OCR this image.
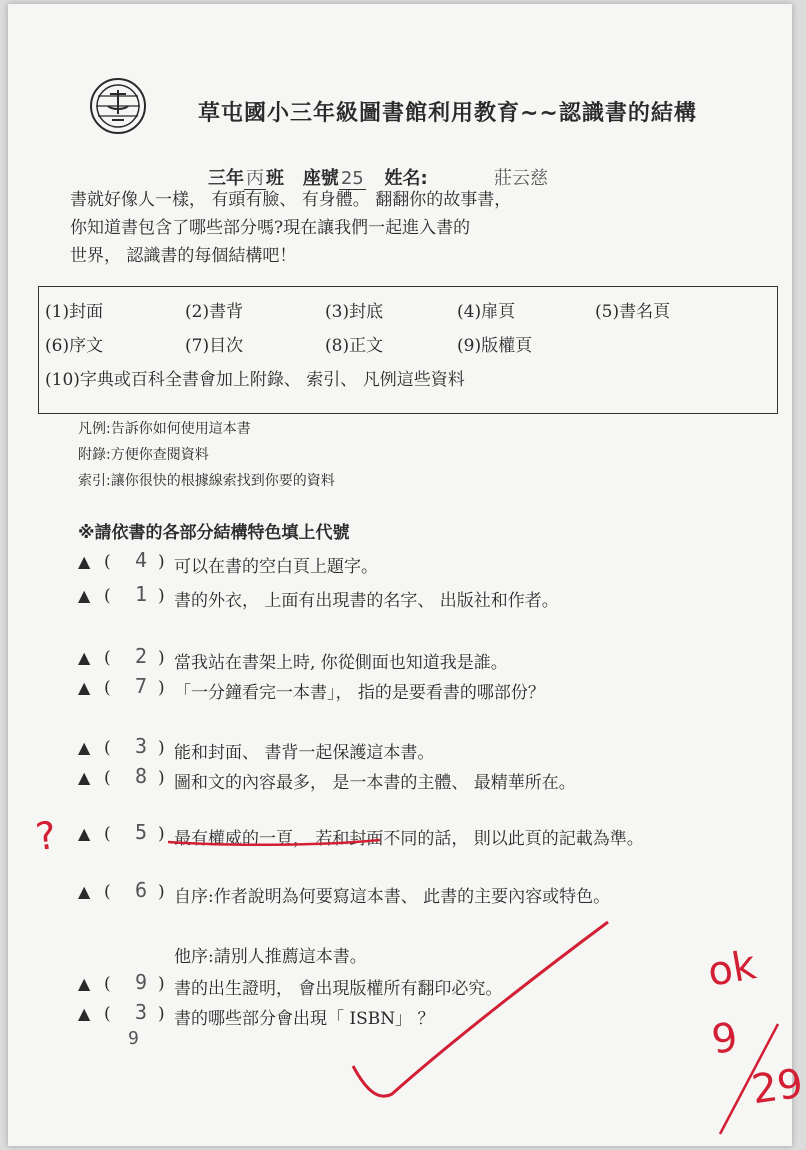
草屯國小三年級圖書館利用教育~~認識書的結構
三年 丙 班 座號 25 姓名:	莊云慈
書就好像人一樣， 有頭有臉、 有身體。 翻翻你的故事書，
你知道書包含了哪些部分嗎?現在讓我們一起進入書的
世界， 認識書的每個結構吧！
(1)封面	(2)書背	(3)封底	(4)扉頁	(5)書名頁
(6)序文	(7)目次	(8)正文	(9)版權頁
(10)字典或百科全書會加上附錄、 索引、 凡例這些資料
凡例:告訴你如何使用這本書
附錄:方便你查閱資料
索引:讓你很快的根據線索找到你要的資料
※請依書的各部分結構特色填上代號
▲ (	4 ) 可以在書的空白頁上題字。
▲ (	1 ) 書的外衣， 上面有出現書的名字、 出版社和作者。
▲ (	2 ) 當我站在書架上時, 你從側面也知道我是誰。
▲ (	7 ) 「一分鐘看完一本書」， 指的是要看書的哪部份？
▲ (	3 ) 能和封面、 書背一起保護這本書。
▲ (	8 ) 圖和文的內容最多， 是一本書的主體、 最精華所在。
▲ (	5 ) 最有權威的一頁， 若和封面不同的話， 則以此頁的記載為準。
▲ (	6 ) 自序:作者說明為何要寫這本書、 此書的主要內容或特色。
他序:請別人推薦這本書。
▲ (	9 ) 書的出生證明， 會出現版權所有翻印必究。
▲ (	3 ) 書的哪些部分會出現「 ISBN」 ？
9
?
ok
9
29
